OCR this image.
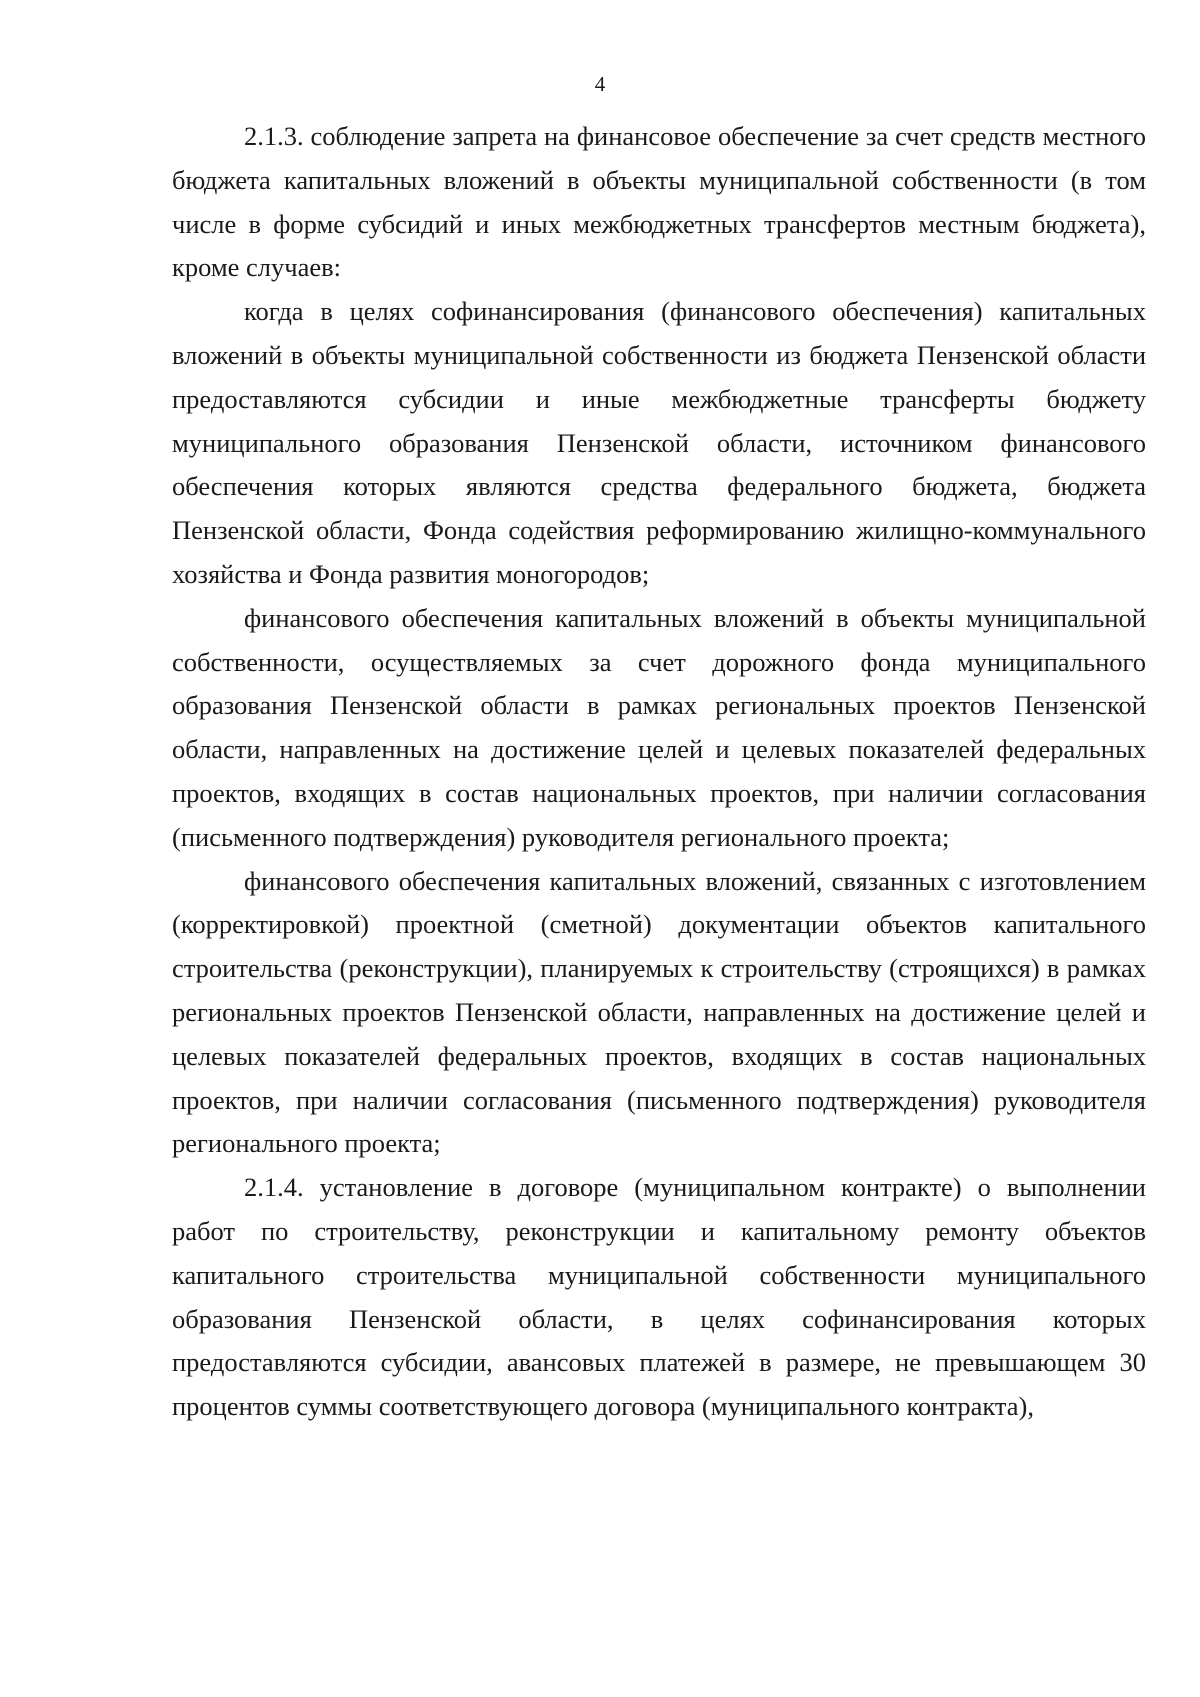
4

2.1.3. соблюдение запрета на финансовое обеспечение за счет средств местного бюджета капитальных вложений в объекты муниципальной собственности (в том числе в форме субсидий и иных межбюджетных трансфертов местным бюджета), кроме случаев:

когда в целях софинансирования (финансового обеспечения) капитальных вложений в объекты муниципальной собственности из бюджета Пензенской области предоставляются субсидии и иные межбюджетные трансферты бюджету муниципального образования Пензенской области, источником финансового обеспечения которых являются средства федерального бюджета, бюджета Пензенской области, Фонда содействия реформированию жилищно-коммунального хозяйства и Фонда развития моногородов;

финансового обеспечения капитальных вложений в объекты муниципальной собственности, осуществляемых за счет дорожного фонда муниципального образования Пензенской области в рамках региональных проектов Пензенской области, направленных на достижение целей и целевых показателей федеральных проектов, входящих в состав национальных проектов, при наличии согласования (письменного подтверждения) руководителя регионального проекта;

финансового обеспечения капитальных вложений, связанных с изготовлением (корректировкой) проектной (сметной) документации объектов капитального строительства (реконструкции), планируемых к строительству (строящихся) в рамках региональных проектов Пензенской области, направленных на достижение целей и целевых показателей федеральных проектов, входящих в состав национальных проектов, при наличии согласования (письменного подтверждения) руководителя регионального проекта;

2.1.4. установление в договоре (муниципальном контракте) о выполнении работ по строительству, реконструкции и капитальному ремонту объектов капитального строительства муниципальной собственности муниципального образования Пензенской области, в целях софинансирования которых предоставляются субсидии, авансовых платежей в размере, не превышающем 30 процентов суммы соответствующего договора (муниципального контракта),
